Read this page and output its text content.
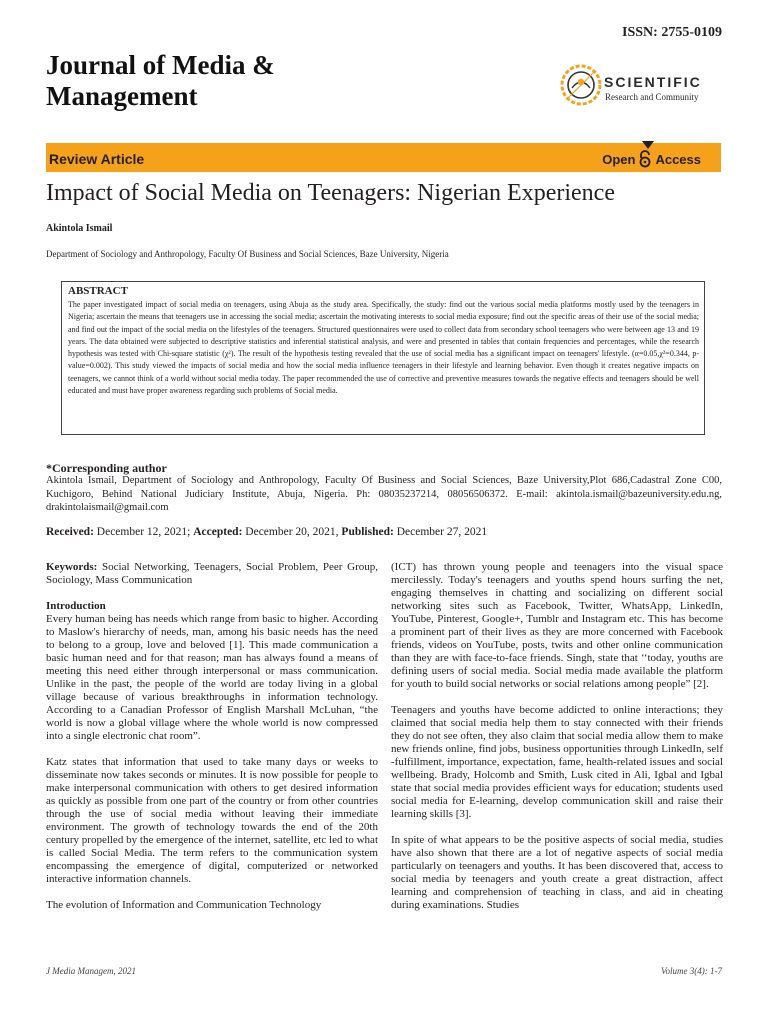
ISSN: 2755-0109
Journal of Media & Management	SCIENTIFIC
Research and Community
Review Article	Open Access
Impact of Social Media on Teenagers: Nigerian Experience
Akintola Ismail
Department of Sociology and Anthropology, Faculty Of Business and Social Sciences, Baze University, Nigeria
ABSTRACT

The paper investigated impact of social media on teenagers, using Abuja as the study area. Specifically, the study: find out the various social media platforms mostly used by the teenagers in Nigeria; ascertain the means that teenagers use in accessing the social media; ascertain the motivating interests to social media exposure; find out the specific areas of their use of the social media; and find out the impact of the social media on the lifestyles of the teenagers. Structured questionnaires were used to collect data from secondary school teenagers who were between age 13 and 19 years. The data obtained were subjected to descriptive statistics and inferential statistical analysis, and were and presented in tables that contain frequencies and percentages, while the research hypothesis was tested with Chi-square statistic (χ²). The result of the hypothesis testing revealed that the use of social media has a significant impact on teenagers' lifestyle. (α=0.05,χ²=0.344, p-value=0.002). This study viewed the impacts of social media and how the social media influence teenagers in their lifestyle and learning behavior. Even though it creates negative impacts on teenagers, we cannot think of a world without social media today. The paper recommended the use of corrective and preventive measures towards the negative effects and teenagers should be well educated and must have proper awareness regarding such problems of Social media.

*Corresponding author

Akintola Ismail, Department of Sociology and Anthropology, Faculty Of Business and Social Sciences, Baze University,Plot 686,Cadastral Zone C00, Kuchigoro, Behind National Judiciary Institute, Abuja, Nigeria. Ph: 08035237214, 08056506372. E-mail: akintola.ismail@bazeuniversity.edu.ng, drakintolaismail@gmail.com

Received: December 12, 2021; Accepted: December 20, 2021, Published: December 27, 2021

Keywords: Social Networking, Teenagers, Social Problem, Peer Group, Sociology, Mass Communication

Introduction

Every human being has needs which range from basic to higher. According to Maslow's hierarchy of needs, man, among his basic needs has the need to belong to a group, love and beloved [1]. This made communication a basic human need and for that reason; man has always found a means of meeting this need either through interpersonal or mass communication. Unlike in the past, the people of the world are today living in a global village because of various breakthroughs in information technology. According to a Canadian Professor of English Marshall McLuhan, “the world is now a global village where the whole world is now compressed into a single electronic chat room”.

Katz states that information that used to take many days or weeks to disseminate now takes seconds or minutes. It is now possible for people to make interpersonal communication with others to get desired information as quickly as possible from one part of the country or from other countries through the use of social media without leaving their immediate environment. The growth of technology towards the end of the 20th century propelled by the emergence of the internet, satellite, etc led to what is called Social Media. The term refers to the communication system encompassing the emergence of digital, computerized or networked interactive information channels.

The evolution of Information and Communication Technology

(ICT) has thrown young people and teenagers into the visual space mercilessly. Today's teenagers and youths spend hours surfing the net, engaging themselves in chatting and socializing on different social networking sites such as Facebook, Twitter, WhatsApp, LinkedIn, YouTube, Pinterest, Google+, Tumblr and Instagram etc. This has become a prominent part of their lives as they are more concerned with Facebook friends, videos on YouTube, posts, twits and other online communication than they are with face-to-face friends. Singh, state that ‘‘today, youths are defining users of social media. Social media made available the platform for youth to build social networks or social relations among people” [2].

Teenagers and youths have become addicted to online interactions; they claimed that social media help them to stay connected with their friends they do not see often, they also claim that social media allow them to make new friends online, find jobs, business opportunities through LinkedIn, self -fulfillment, importance, expectation, fame, health-related issues and social wellbeing. Brady, Holcomb and Smith, Lusk cited in Ali, Igbal and Igbal state that social media provides efficient ways for education; students used social media for E-learning, develop communication skill and raise their learning skills [3].

In spite of what appears to be the positive aspects of social media, studies have also shown that there are a lot of negative aspects of social media particularly on teenagers and youths. It has been discovered that, access to social media by teenagers and youth create a great distraction, affect learning and comprehension of teaching in class, and aid in cheating during examinations. Studies

J Media Managem, 2021	Volume 3(4): 1-7
